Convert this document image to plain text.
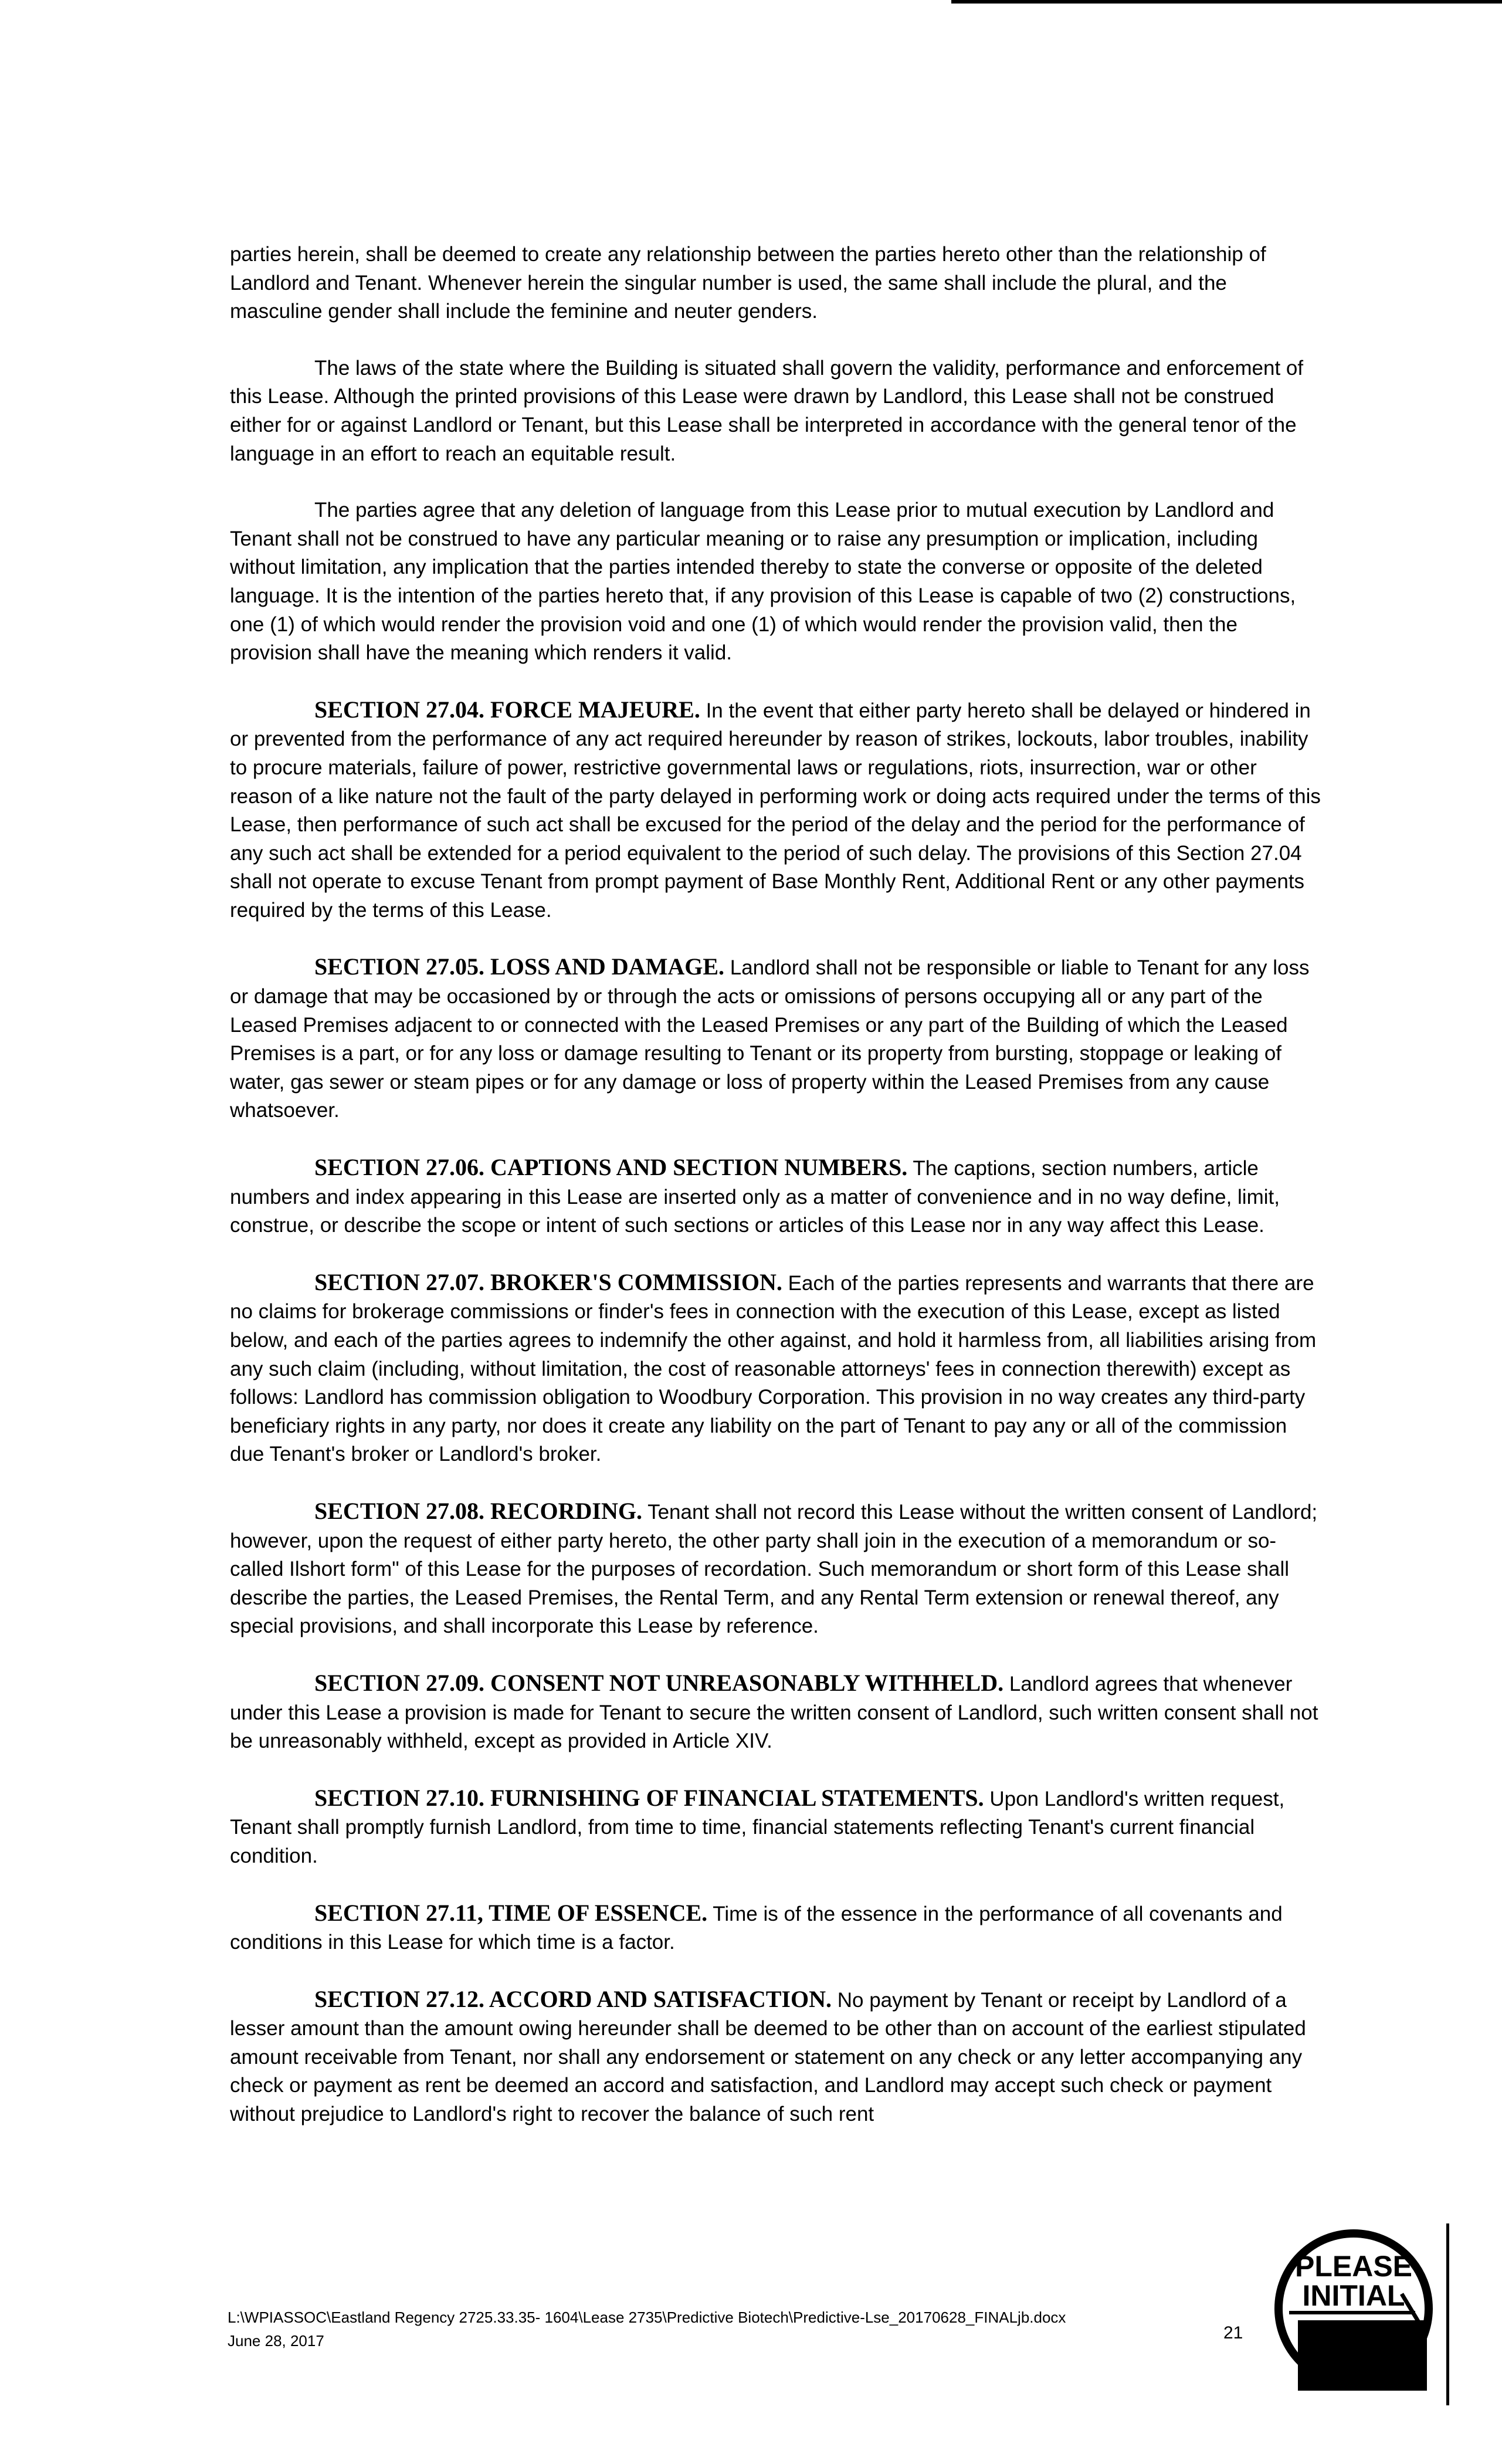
parties herein, shall be deemed to create any relationship between the parties hereto other than the relationship of Landlord and Tenant. Whenever herein the singular number is used, the same shall include the plural, and the masculine gender shall include the feminine and neuter genders.

The laws of the state where the Building is situated shall govern the validity, performance and enforcement of this Lease. Although the printed provisions of this Lease were drawn by Landlord, this Lease shall not be construed either for or against Landlord or Tenant, but this Lease shall be interpreted in accordance with the general tenor of the language in an effort to reach an equitable result.

The parties agree that any deletion of language from this Lease prior to mutual execution by Landlord and Tenant shall not be construed to have any particular meaning or to raise any presumption or implication, including without limitation, any implication that the parties intended thereby to state the converse or opposite of the deleted language. It is the intention of the parties hereto that, if any provision of this Lease is capable of two (2) constructions, one (1) of which would render the provision void and one (1) of which would render the provision valid, then the provision shall have the meaning which renders it valid.

SECTION 27.04. FORCE MAJEURE. In the event that either party hereto shall be delayed or hindered in or prevented from the performance of any act required hereunder by reason of strikes, lockouts, labor troubles, inability to procure materials, failure of power, restrictive governmental laws or regulations, riots, insurrection, war or other reason of a like nature not the fault of the party delayed in performing work or doing acts required under the terms of this Lease, then performance of such act shall be excused for the period of the delay and the period for the performance of any such act shall be extended for a period equivalent to the period of such delay. The provisions of this Section 27.04 shall not operate to excuse Tenant from prompt payment of Base Monthly Rent, Additional Rent or any other payments required by the terms of this Lease.

SECTION 27.05. LOSS AND DAMAGE. Landlord shall not be responsible or liable to Tenant for any loss or damage that may be occasioned by or through the acts or omissions of persons occupying all or any part of the Leased Premises adjacent to or connected with the Leased Premises or any part of the Building of which the Leased Premises is a part, or for any loss or damage resulting to Tenant or its property from bursting, stoppage or leaking of water, gas sewer or steam pipes or for any damage or loss of property within the Leased Premises from any cause whatsoever.

SECTION 27.06. CAPTIONS AND SECTION NUMBERS. The captions, section numbers, article numbers and index appearing in this Lease are inserted only as a matter of convenience and in no way define, limit, construe, or describe the scope or intent of such sections or articles of this Lease nor in any way affect this Lease.

SECTION 27.07. BROKER'S COMMISSION. Each of the parties represents and warrants that there are no claims for brokerage commissions or finder's fees in connection with the execution of this Lease, except as listed below, and each of the parties agrees to indemnify the other against, and hold it harmless from, all liabilities arising from any such claim (including, without limitation, the cost of reasonable attorneys' fees in connection therewith) except as follows: Landlord has commission obligation to Woodbury Corporation. This provision in no way creates any third-party beneficiary rights in any party, nor does it create any liability on the part of Tenant to pay any or all of the commission due Tenant's broker or Landlord's broker.

SECTION 27.08. RECORDING. Tenant shall not record this Lease without the written consent of Landlord; however, upon the request of either party hereto, the other party shall join in the execution of a memorandum or so-called Ilshort form" of this Lease for the purposes of recordation. Such memorandum or short form of this Lease shall describe the parties, the Leased Premises, the Rental Term, and any Rental Term extension or renewal thereof, any special provisions, and shall incorporate this Lease by reference.

SECTION 27.09. CONSENT NOT UNREASONABLY WITHHELD. Landlord agrees that whenever under this Lease a provision is made for Tenant to secure the written consent of Landlord, such written consent shall not be unreasonably withheld, except as provided in Article XIV.

SECTION 27.10. FURNISHING OF FINANCIAL STATEMENTS. Upon Landlord's written request, Tenant shall promptly furnish Landlord, from time to time, financial statements reflecting Tenant's current financial condition.

SECTION 27.11, TIME OF ESSENCE. Time is of the essence in the performance of all covenants and conditions in this Lease for which time is a factor.

SECTION 27.12. ACCORD AND SATISFACTION. No payment by Tenant or receipt by Landlord of a lesser amount than the amount owing hereunder shall be deemed to be other than on account of the earliest stipulated amount receivable from Tenant, nor shall any endorsement or statement on any check or any letter accompanying any check or payment as rent be deemed an accord and satisfaction, and Landlord may accept such check or payment without prejudice to Landlord's right to recover the balance of such rent

L:\WPIASSOC\Eastland Regency 2725.33.35- 1604\Lease 2735\Predictive Biotech\Predictive-Lse_20170628_FINALjb.docx
June 28, 2017	21
PLEASE
INITIAL
